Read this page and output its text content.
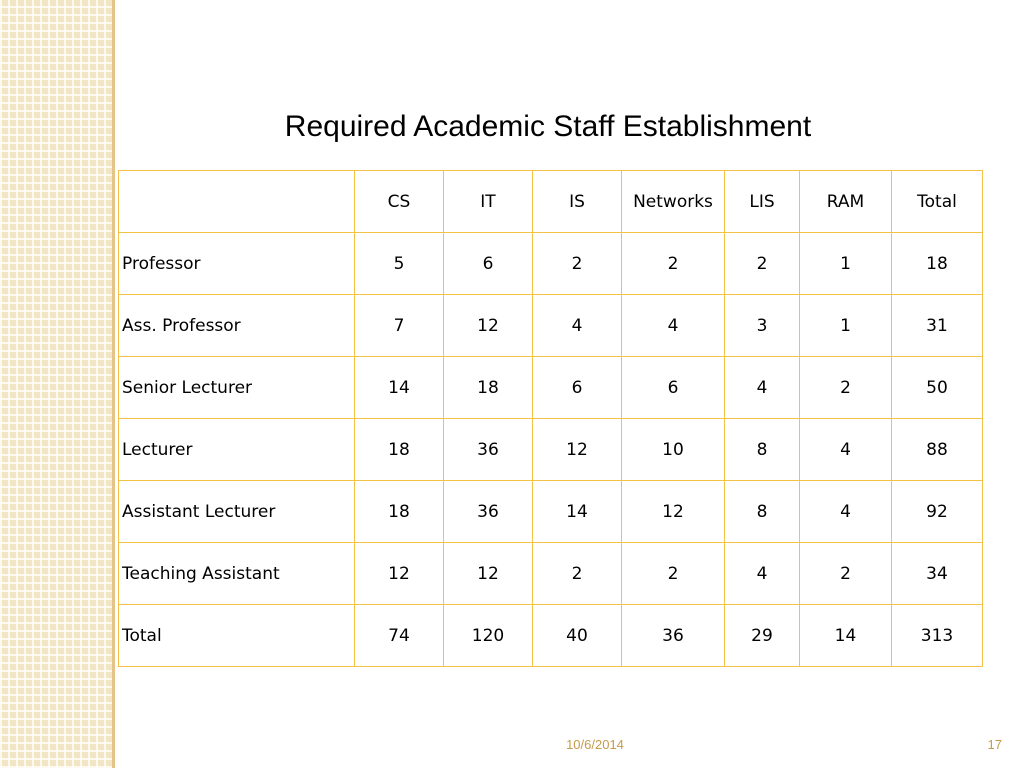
Required Academic Staff Establishment
	CS	IT	IS	Networks	LIS	RAM	Total
Professor	5	6	2	2	2	1	18
Ass. Professor	7	12	4	4	3	1	31
Senior Lecturer	14	18	6	6	4	2	50
Lecturer	18	36	12	10	8	4	88
Assistant Lecturer	18	36	14	12	8	4	92
Teaching Assistant	12	12	2	2	4	2	34
Total	74	120	40	36	29	14	313
10/6/2014	17
